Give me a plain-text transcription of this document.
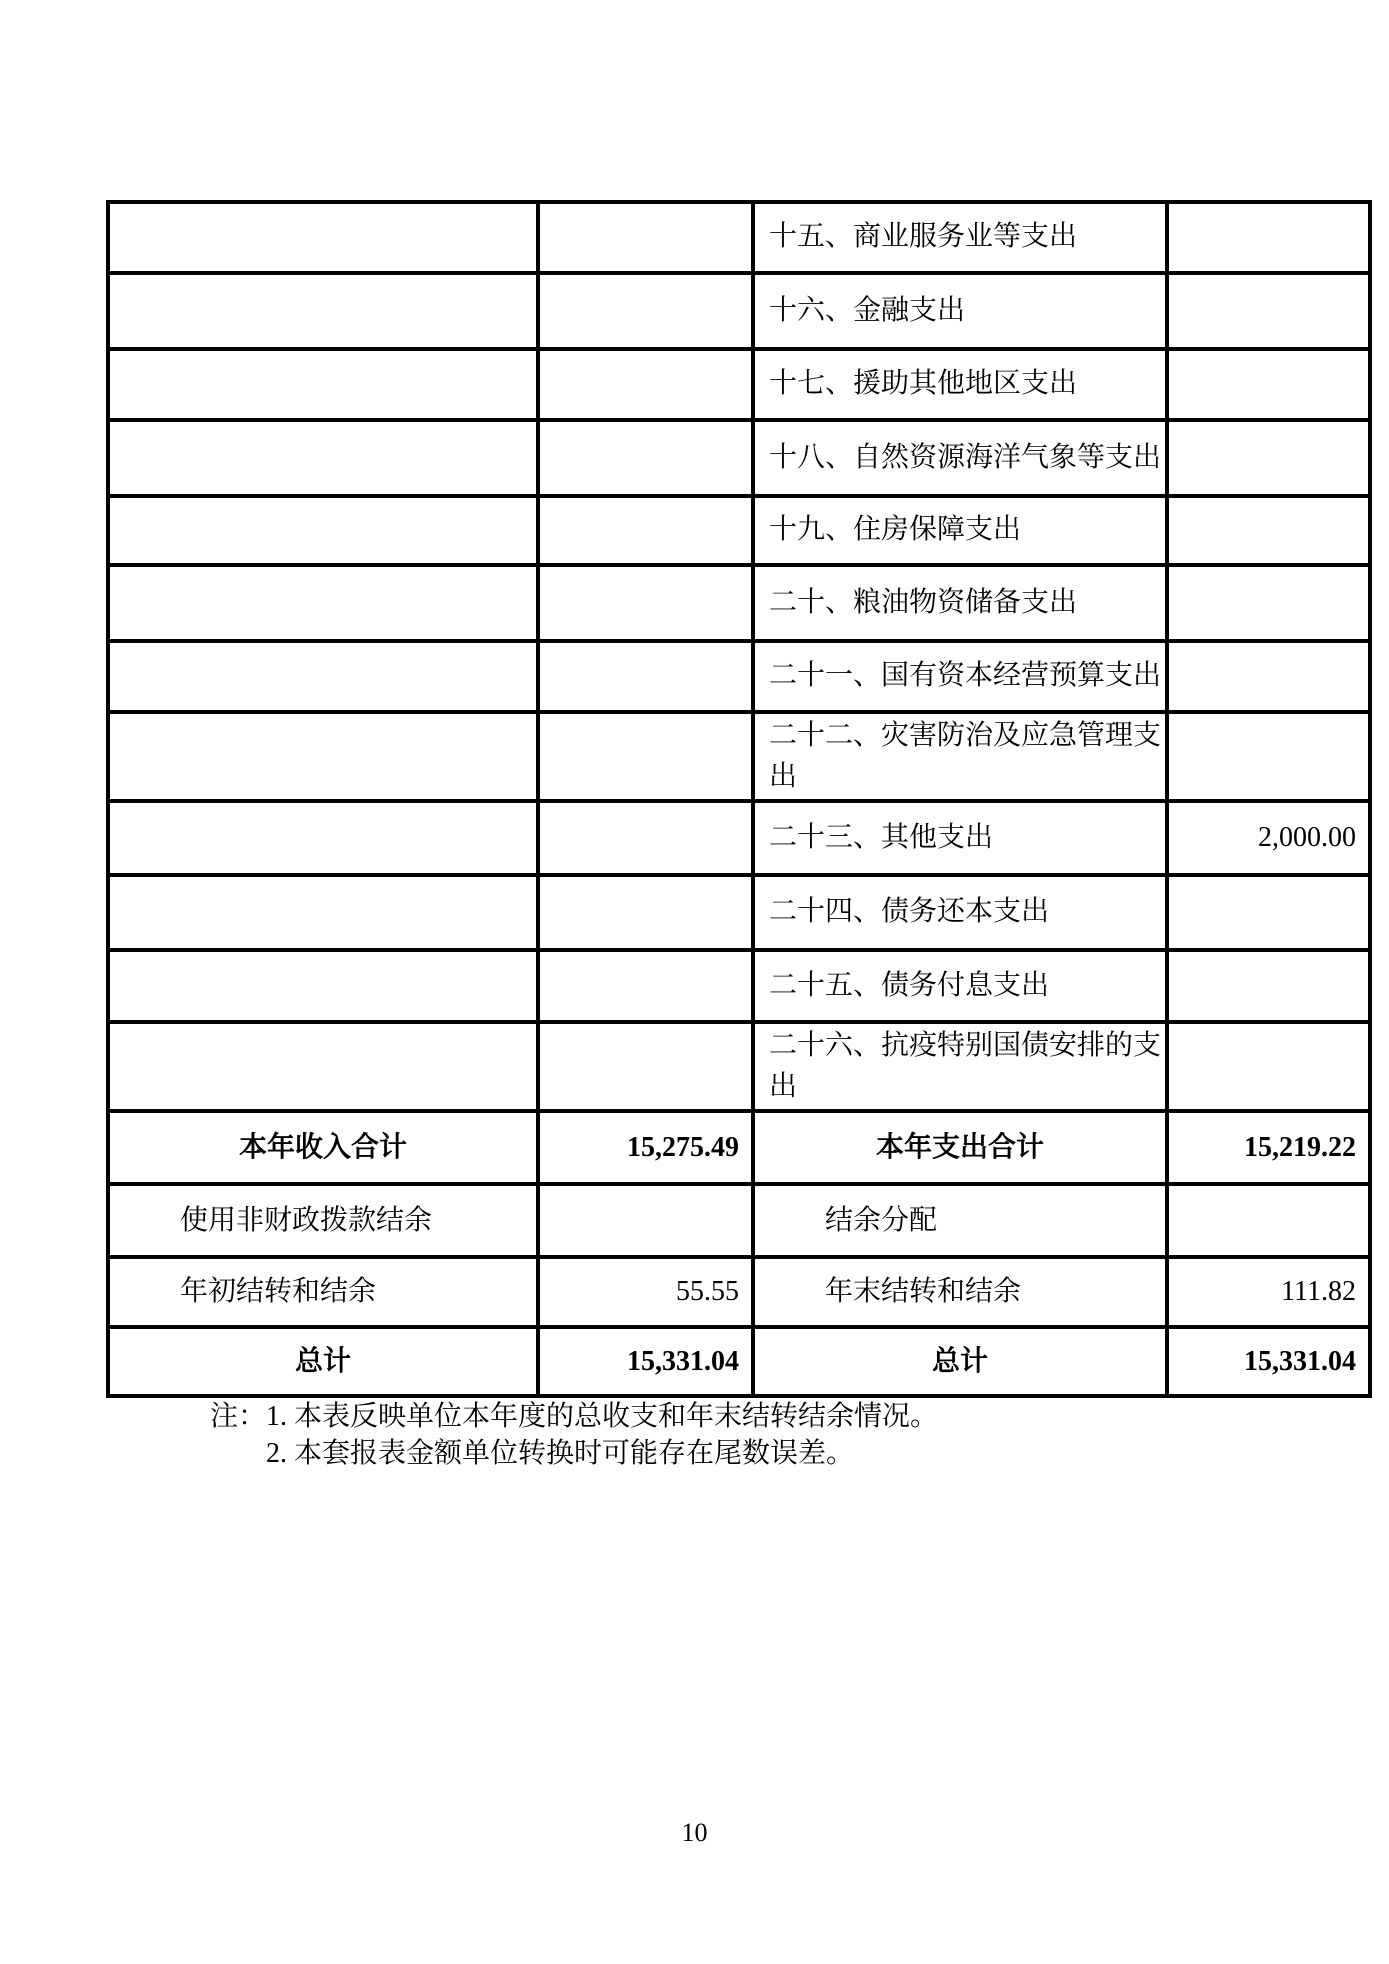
		十五、商业服务业等支出	
		十六、金融支出	
		十七、援助其他地区支出	
		十八、自然资源海洋气象等支出	
		十九、住房保障支出	
		二十、粮油物资储备支出	
		二十一、国有资本经营预算支出	
		二十二、灾害防治及应急管理支出	
		二十三、其他支出	2,000.00
		二十四、债务还本支出	
		二十五、债务付息支出	
		二十六、抗疫特别国债安排的支出	
本年收入合计	15,275.49	本年支出合计	15,219.22
使用非财政拨款结余		结余分配	
年初结转和结余	55.55	年末结转和结余	111.82
总计	15,331.04	总计	15,331.04
注： 1. 本表反映单位本年度的总收支和年末结转结余情况。
2. 本套报表金额单位转换时可能存在尾数误差。
10
